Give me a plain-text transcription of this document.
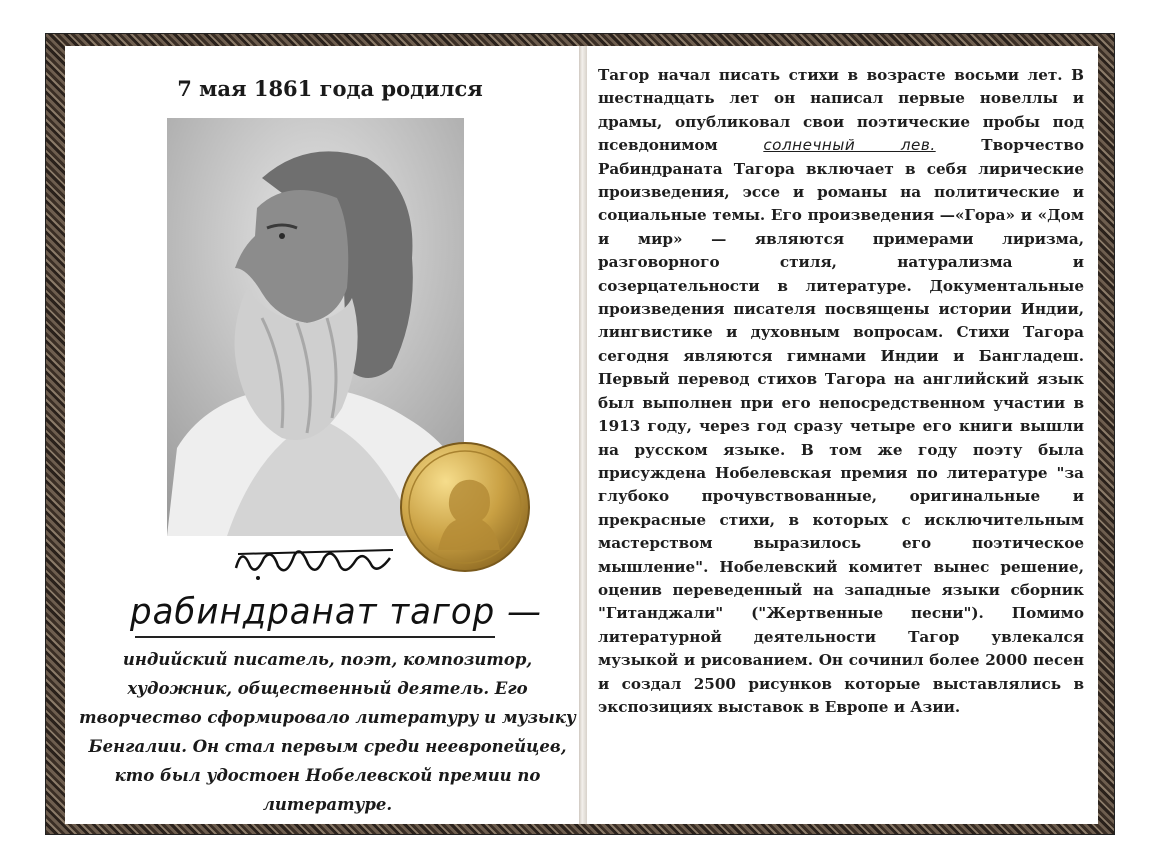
7 мая 1861 года родился
рабиндранат тагор —
индийский писатель, поэт, композитор, художник, общественный деятель. Его творчество сформировало литературу и музыку Бенгалии. Он стал первым среди неевропейцев, кто был удостоен Нобелевской премии по литературе.
Тагор начал писать стихи в возрасте восьми лет. В шестнадцать лет он написал первые новеллы и драмы, опубликовал свои поэтические пробы под псевдонимом	солнечный лев.	Творчество Рабиндраната Тагора включает в себя лирические произведения, эссе и романы на политические и социальные темы. Его произведения —«Гора» и «Дом и мир» — являются примерами лиризма, разговорного стиля, натурализма и созерцательности в литературе. Документальные произведения писателя посвящены истории Индии, лингвистике и духовным вопросам. Стихи Тагора сегодня являются гимнами Индии и Бангладеш. Первый перевод стихов Тагора на английский язык был выполнен при его непосредственном участии в 1913 году, через год сразу четыре его книги вышли на русском языке. В том же году поэту была присуждена Нобелевская премия по литературе "за глубоко прочувствованные, оригинальные и прекрасные стихи, в которых с исключительным мастерством выразилось его поэтическое мышление". Нобелевский комитет вынес решение, оценив переведенный на западные языки сборник "Гитанджали" ("Жертвенные песни"). Помимо литературной деятельности Тагор увлекался музыкой и рисованием. Он сочинил более 2000 песен и создал 2500 рисунков которые выставлялись в экспозициях выставок в Европе и Азии.
